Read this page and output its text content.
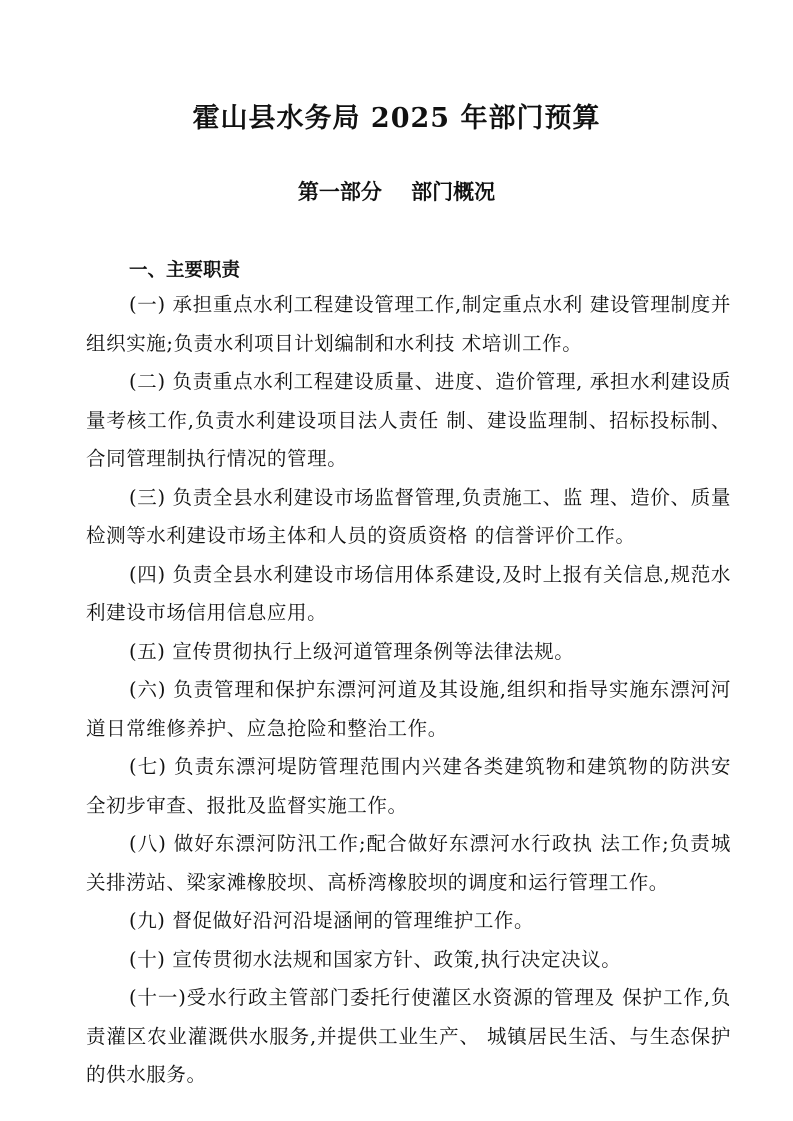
霍山县水务局 2025 年部门预算
第一部分    部门概况
一、主要职责

(一) 承担重点水利工程建设管理工作,制定重点水利 建设管理制度并组织实施;负责水利项目计划编制和水利技 术培训工作。

(二) 负责重点水利工程建设质量、进度、造价管理, 承担水利建设质量考核工作,负责水利建设项目法人责任 制、建设监理制、招标投标制、合同管理制执行情况的管理。

(三) 负责全县水利建设市场监督管理,负责施工、监 理、造价、质量检测等水利建设市场主体和人员的资质资格 的信誉评价工作。

(四) 负责全县水利建设市场信用体系建设,及时上报有关信息,规范水利建设市场信用信息应用。

(五) 宣传贯彻执行上级河道管理条例等法律法规。

(六) 负责管理和保护东漂河河道及其设施,组织和指导实施东漂河河道日常维修养护、应急抢险和整治工作。

(七) 负责东漂河堤防管理范围内兴建各类建筑物和建筑物的防洪安全初步审查、报批及监督实施工作。

(八) 做好东漂河防汛工作;配合做好东漂河水行政执 法工作;负责城关排涝站、梁家滩橡胶坝、高桥湾橡胶坝的调度和运行管理工作。

(九) 督促做好沿河沿堤涵闸的管理维护工作。

(十) 宣传贯彻水法规和国家方针、政策,执行决定决议。

(十一)受水行政主管部门委托行使灌区水资源的管理及 保护工作,负责灌区农业灌溉供水服务,并提供工业生产、 城镇居民生活、与生态保护的供水服务。
